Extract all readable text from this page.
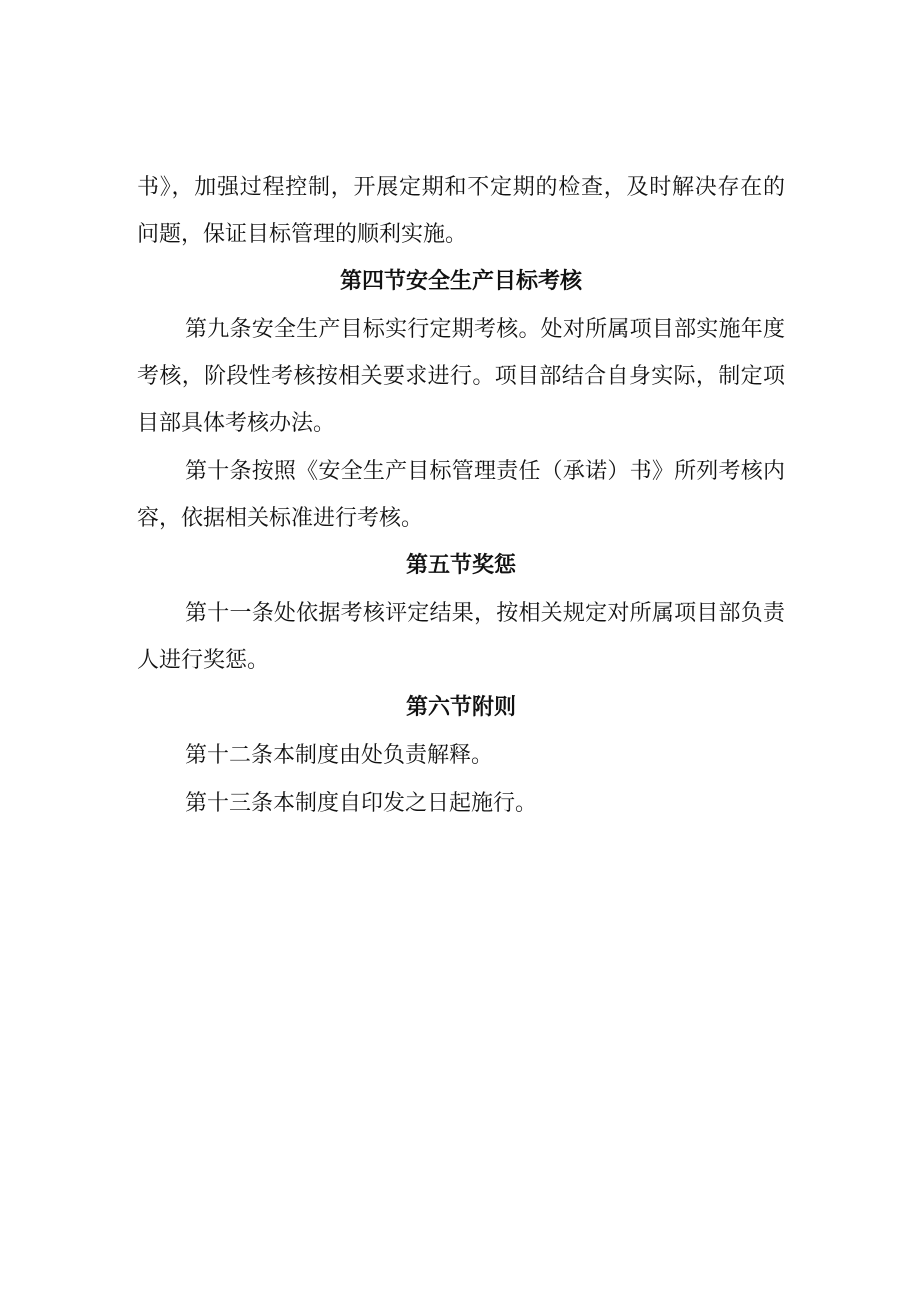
书》，加强过程控制，开展定期和不定期的检查，及时解决存在的问题，保证目标管理的顺利实施。

第四节安全生产目标考核

第九条安全生产目标实行定期考核。处对所属项目部实施年度考核，阶段性考核按相关要求进行。项目部结合自身实际，制定项目部具体考核办法。

第十条按照《安全生产目标管理责任（承诺）书》所列考核内容，依据相关标准进行考核。

第五节奖惩

第十一条处依据考核评定结果，按相关规定对所属项目部负责人进行奖惩。

第六节附则

第十二条本制度由处负责解释。

第十三条本制度自印发之日起施行。
